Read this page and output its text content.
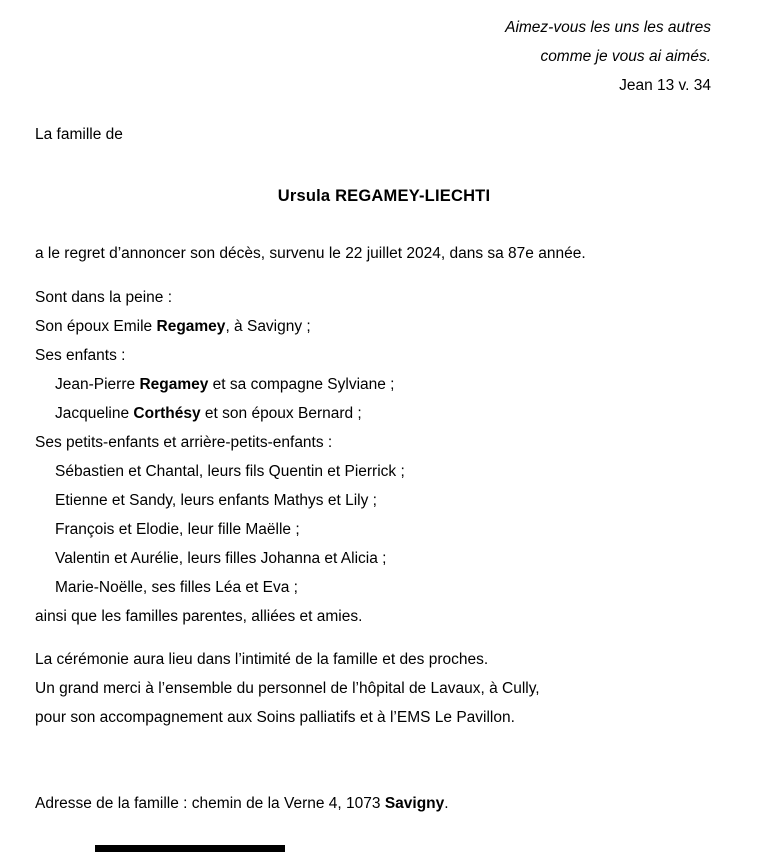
Aimez-vous les uns les autres
comme je vous ai aimés.
Jean 13 v. 34
La famille de
Ursula REGAMEY-LIECHTI
a le regret d’annoncer son décès, survenu le 22 juillet 2024, dans sa 87e année.
Sont dans la peine :
Son époux Emile Regamey, à Savigny ;
Ses enfants :
Jean-Pierre Regamey et sa compagne Sylviane ;
Jacqueline Corthésy et son époux Bernard ;
Ses petits-enfants et arrière-petits-enfants :
Sébastien et Chantal, leurs fils Quentin et Pierrick ;
Etienne et Sandy, leurs enfants Mathys et Lily ;
François et Elodie, leur fille Maëlle ;
Valentin et Aurélie, leurs filles Johanna et Alicia ;
Marie-Noëlle, ses filles Léa et Eva ;
ainsi que les familles parentes, alliées et amies.
La cérémonie aura lieu dans l’intimité de la famille et des proches.
Un grand merci à l’ensemble du personnel de l’hôpital de Lavaux, à Cully,
pour son accompagnement aux Soins palliatifs et à l’EMS Le Pavillon.
Adresse de la famille : chemin de la Verne 4, 1073 Savigny.
